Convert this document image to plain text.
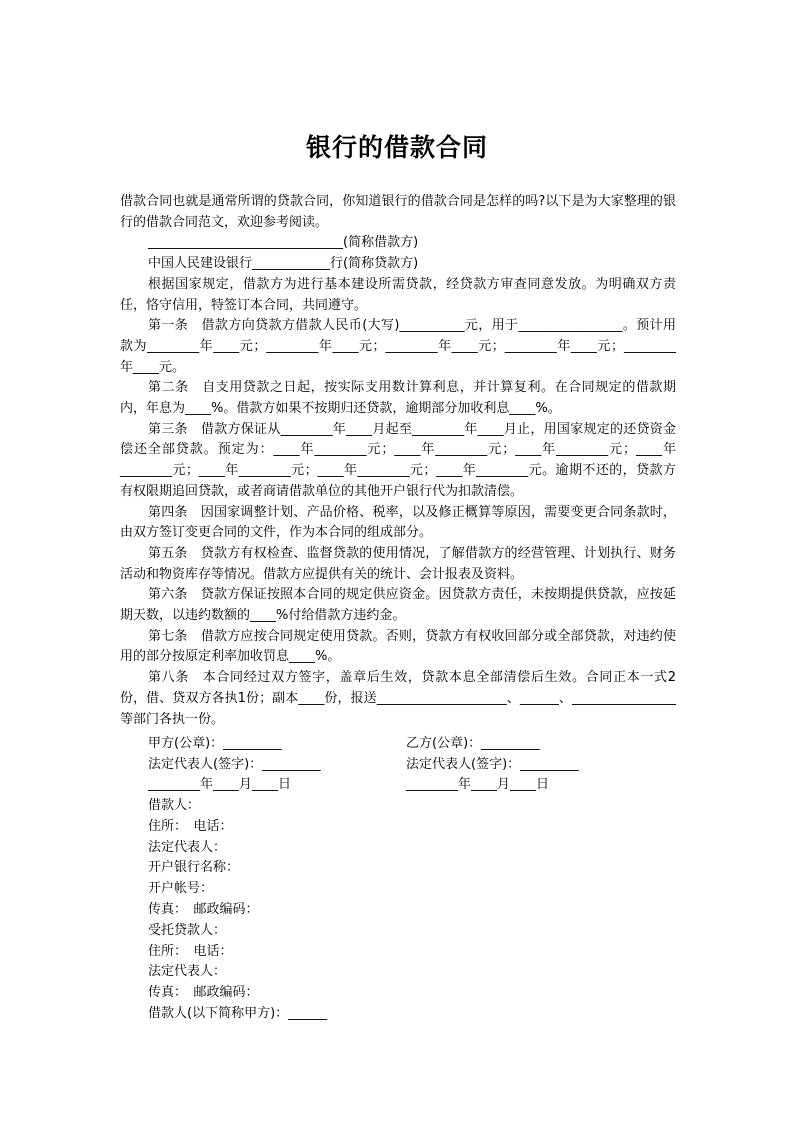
银行的借款合同

借款合同也就是通常所谓的贷款合同，你知道银行的借款合同是怎样的吗?以下是为大家整理的银行的借款合同范文，欢迎参考阅读。

______________________________(简称借款方)

中国人民建设银行____________行(简称贷款方)

根据国家规定，借款方为进行基本建设所需贷款，经贷款方审查同意发放。为明确双方责任，恪守信用，特签订本合同，共同遵守。

第一条　借款方向贷款方借款人民币(大写)__________元，用于________________。预计用款为________年____元；________年____元；________年____元；________年____元；________年____元。

第二条　自支用贷款之日起，按实际支用数计算利息，并计算复利。在合同规定的借款期内，年息为____%。借款方如果不按期归还贷款，逾期部分加收利息____%。

第三条　借款方保证从________年____月起至________年____月止，用国家规定的还贷资金偿还全部贷款。预定为：____年________元；____年________元；____年________元；____年________元；____年________元；____年________元；____年________元。逾期不还的，贷款方有权限期追回贷款，或者商请借款单位的其他开户银行代为扣款清偿。

第四条　因国家调整计划、产品价格、税率，以及修正概算等原因，需要变更合同条款时，由双方签订变更合同的文件，作为本合同的组成部分。

第五条　贷款方有权检查、监督贷款的使用情况，了解借款方的经营管理、计划执行、财务活动和物资库存等情况。借款方应提供有关的统计、会计报表及资料。

第六条　贷款方保证按照本合同的规定供应资金。因贷款方责任，未按期提供贷款，应按延期天数，以违约数额的____%付给借款方违约金。

第七条　借款方应按合同规定使用贷款。否则，贷款方有权收回部分或全部贷款，对违约使用的部分按原定利率加收罚息____%。

第八条　本合同经过双方签字，盖章后生效，贷款本息全部清偿后生效。合同正本一式2份，借、贷双方各执1份；副本____份，报送____________________、______、________________等部门各执一份。

甲方(公章)：_________	乙方(公章)：_________
法定代表人(签字)：_________	法定代表人(签字)：_________
________年____月____日	________年____月____日
借款人：
住所：　电话：
法定代表人：
开户银行名称：
开户帐号：
传真：　邮政编码：
受托贷款人：
住所：　电话：
法定代表人：
传真：　邮政编码：
借款人(以下简称甲方)：______
